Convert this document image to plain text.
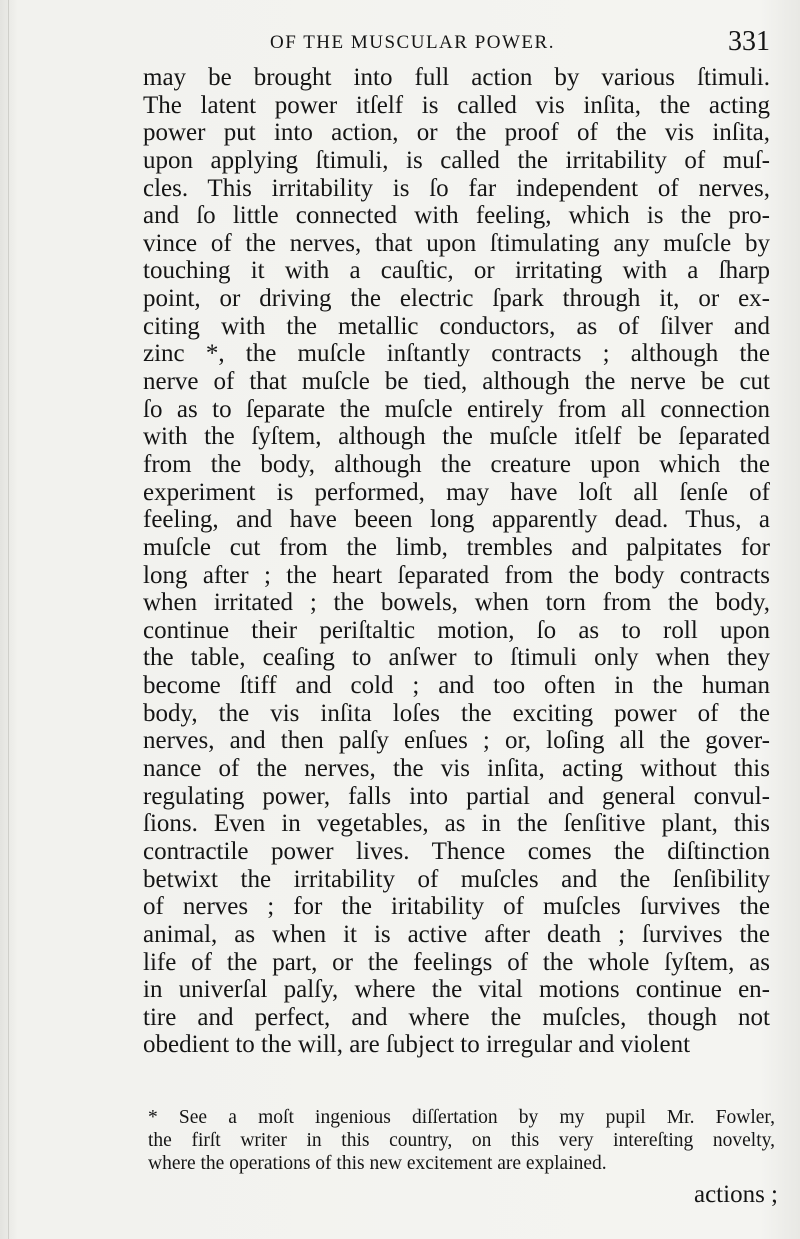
OF THE MUSCULAR POWER.	331
may be brought into full action by various ſtimuli.
The latent power itſelf is called vis inſita, the acting
power put into action, or the proof of the vis inſita,
upon applying ſtimuli, is called the irritability of muſ-
cles. This irritability is ſo far independent of nerves,
and ſo little connected with feeling, which is the pro-
vince of the nerves, that upon ſtimulating any muſcle by
touching it with a cauſtic, or irritating with a ſharp
point, or driving the electric ſpark through it, or ex-
citing with the metallic conductors, as of ſilver and
zinc *, the muſcle inſtantly contracts ; although the
nerve of that muſcle be tied, although the nerve be cut
ſo as to ſeparate the muſcle entirely from all connection
with the ſyſtem, although the muſcle itſelf be ſeparated
from the body, although the creature upon which the
experiment is performed, may have loſt all ſenſe of
feeling, and have beeen long apparently dead. Thus, a
muſcle cut from the limb, trembles and palpitates for
long after ; the heart ſeparated from the body contracts
when irritated ; the bowels, when torn from the body,
continue their periſtaltic motion, ſo as to roll upon
the table, ceaſing to anſwer to ſtimuli only when they
become ſtiff and cold ; and too often in the human
body, the vis inſita loſes the exciting power of the
nerves, and then palſy enſues ; or, loſing all the gover-
nance of the nerves, the vis inſita, acting without this
regulating power, falls into partial and general convul-
ſions. Even in vegetables, as in the ſenſitive plant, this
contractile power lives. Thence comes the diſtinction
betwixt the irritability of muſcles and the ſenſibility
of nerves ; for the iritability of muſcles ſurvives the
animal, as when it is active after death ; ſurvives the
life of the part, or the feelings of the whole ſyſtem, as
in univerſal palſy, where the vital motions continue en-
tire and perfect, and where the muſcles, though not
obedient to the will, are ſubject to irregular and violent
* See a moſt ingenious diſſertation by my pupil Mr. Fowler,
the firſt writer in this country, on this very intereſting novelty,
where the operations of this new excitement are explained.
actions ;
